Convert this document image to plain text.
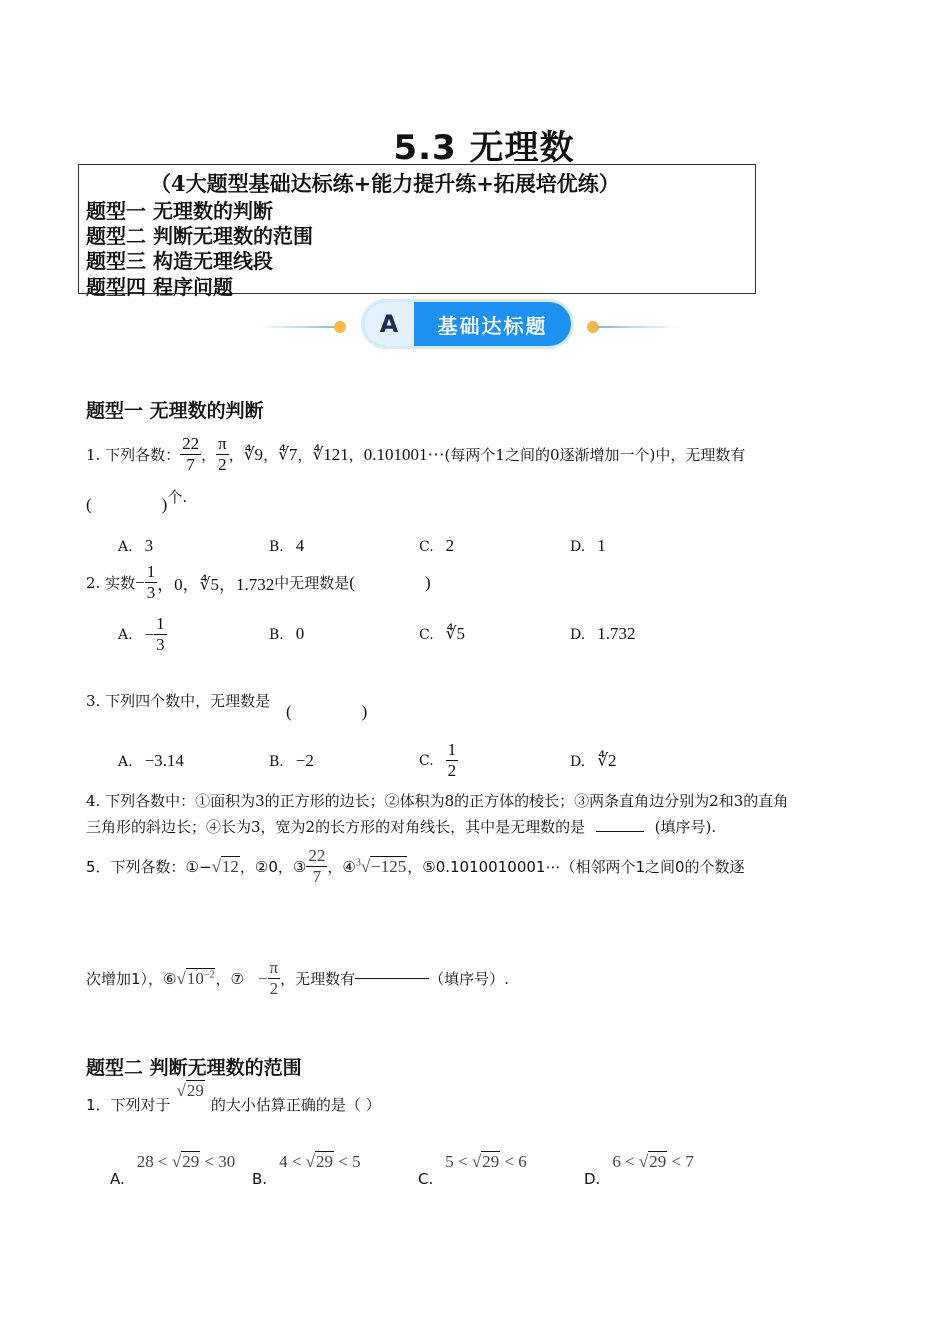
5.3 无理数
（4大题型基础达标练+能力提升练+拓展培优练）
题型一 无理数的判断
题型二 判断无理数的范围
题型三 构造无理线段
题型四 程序问题
A	基础达标题
题型一 无理数的判断
1. 下列各数： $\frac{22}{7}$ ， $\frac{\pi}{2}$ ， ∜9 ， ∜7 ， ∜121 ， 0.101001⋯ (每两个1之间的0逐渐增加一个)中，无理数有
(	)个.
A. 3	B. 4	C. 2	D. 1
2. 实数 − $\frac{1}{3}$ ，0，∜5，1.732 中无理数是 (	)
A. − $\frac{1}{3}$	B. 0	C. ∜5	D. 1.732
3. 下列四个数中，无理数是
(	)
A. −3.14	B. −2	C. $\frac{1}{2}$	D. ∜2
4. 下列各数中：①面积为3的正方形的边长；②体积为8的正方体的棱长；③两条直角边分别为2和3的直角
三角形的斜边长；④长为3，宽为2的长方形的对角线长，其中是无理数的是	(填序号).
5．下列各数：①− √12 ，②0，③ $\frac{22}{7}$ ，④ $^3$√−125 ，⑤0.1010010001⋯（相邻两个1之间0的个数逐
次增加1），⑥ $√10^{-2}$ ，⑦ − $\frac{\pi}{2}$ ，无理数有	（填序号）.
题型二 判断无理数的范围
1．下列对于
√29
的大小估算正确的是（ ）
A.
28 < √29 < 30
B.
4 < √29 < 5
C.
5 < √29 < 6
D.
6 < √29 < 7
